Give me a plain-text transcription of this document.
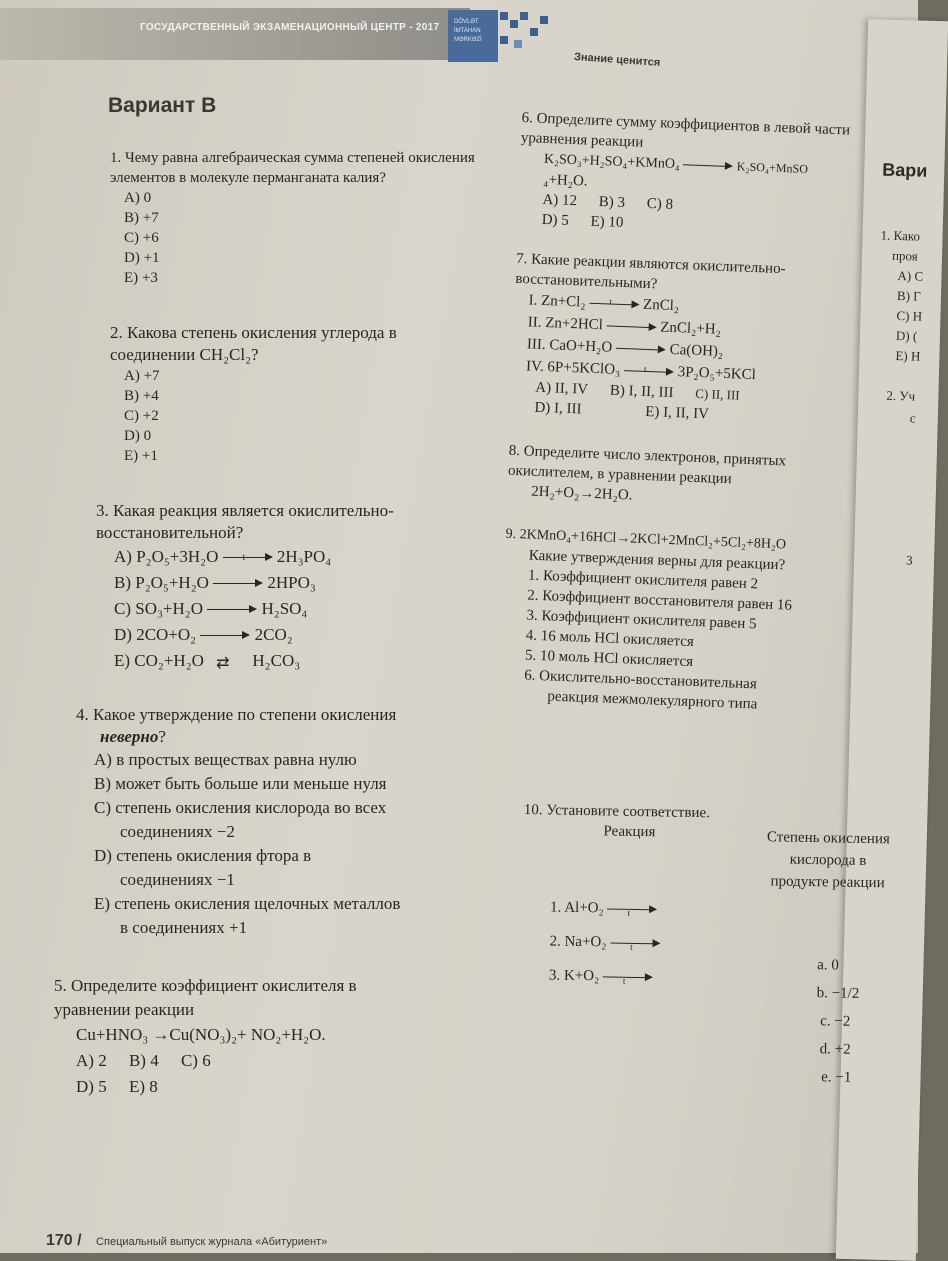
ГОСУДАРСТВЕННЫЙ ЭКЗАМЕНАЦИОННЫЙ ЦЕНТР - 2017 DÖVLƏT
İMTAHAN
MƏRKƏZİ
Знание ценится
Вари
1. Како
проя
A) С
B) Г
C) Н
D) (
E) Н
2. Уч
с
3
Вариант B
1. Чему равна алгебраическая сумма степеней окисления элементов в молекуле перманганата калия?
A) 0
B) +7
C) +6
D) +1
E) +3
2. Какова степень окисления углерода в соединении CH₂Cl₂?
A) +7
B) +4
C) +2
D) 0
E) +1
3. Какая реакция является окислительно-восстановительной?
A) P₂O₅+3H₂O	t 2H₃PO₄
B) P₂O₅+H₂O	2HPO₃
C) SO₃+H₂O	H₂SO₄
D) 2CO+O₂	2CO₂
E) CO₂+H₂O ⇄	H₂CO₃
4. Какое утверждение по степени окисления
неверно?
A) в простых веществах равна нулю
B) может быть больше или меньше нуля
C) степень окисления кислорода во всех
соединениях −2
D) степень окисления фтора в
соединениях −1
E) степень окисления щелочных металлов
в соединениях +1
5. Определите коэффициент окислителя в уравнении реакции
Cu+HNO₃ →Cu(NO₃)₂+ NO₂+H₂O.
A) 2 B) 4 C) 6
D) 5 E) 8
6. Определите сумму коэффициентов в левой части уравнения реакции
K₂SO₃+H₂SO₄+KMnO₄	K₂SO₄+MnSO
₄+H₂O.
A) 12 B) 3 C) 8
D) 5 E) 10
7. Какие реакции являются окислительно-восстановительными?
I. Zn+Cl₂	t ZnCl₂
II. Zn+2HCl	ZnCl₂+H₂
III. CaO+H₂O	Ca(OH)₂
IV. 6P+5KClO₃	t 3P₂O₅+5KCl
A) II, IV B) I, II, III C) II, III
D) I, III	E) I, II, IV
8. Определите число электронов, принятых окислителем, в уравнении реакции
2H₂+O₂→2H₂O.
9. 2KMnO₄+16HCl→2KCl+2MnCl₂+5Cl₂+8H₂O
Какие утверждения верны для реакции?
1. Коэффициент окислителя равен 2
2. Коэффициент восстановителя равен 16
3. Коэффициент окислителя равен 5
4. 16 моль HCl окисляется
5. 10 моль HCl окисляется
6. Окислительно-восстановительная
реакция межмолекулярного типа
10. Установите соответствие.
Реакция	Степень окисления
кислорода в
продукте реакции
1. Al+O₂	t
2. Na+O₂	t
3. K+O₂	t
a. 0
b. −1/2
c. −2
d. +2
e. −1
170 / Специальный выпуск журнала «Абитуриент»
